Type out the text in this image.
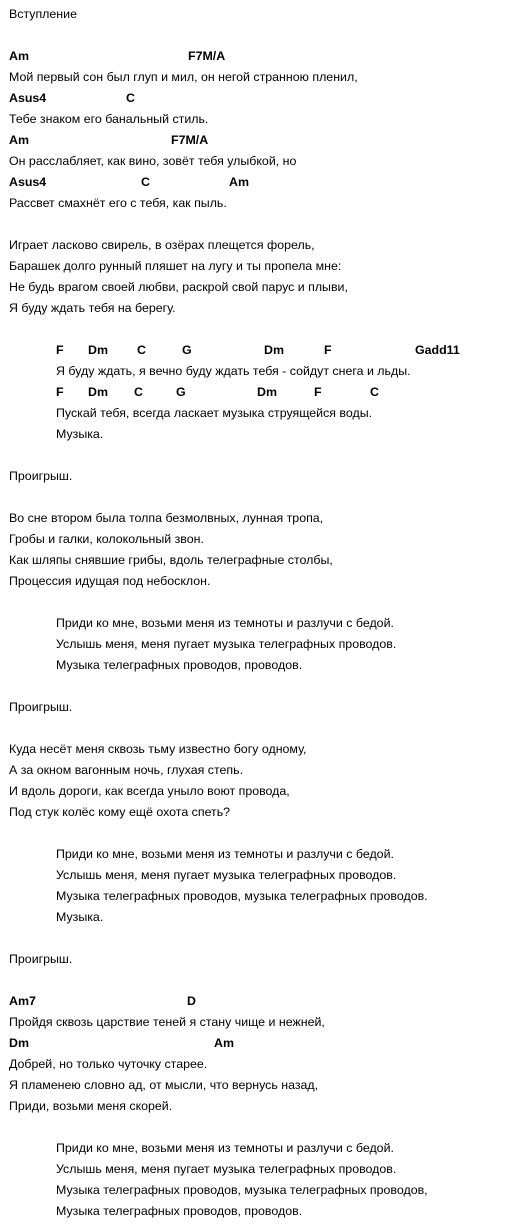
Вступление
Am	F7M/A
Мой первый сон был глуп и мил, он негой странною пленил,
Asus4	C
Тебе знаком его банальный стиль.
Am	F7M/A
Он расслабляет, как вино, зовёт тебя улыбкой, но
Asus4	C	Am
Рассвет смахнёт его с тебя, как пыль.
Играет ласково свирель, в озёрах плещется форель,
Барашек долго рунный пляшет на лугу и ты пропела мне:
Не будь врагом своей любви, раскрой свой парус и плыви,
Я буду ждать тебя на берегу.
F Dm C	G	Dm	F	Gadd11
Я буду ждать, я вечно буду ждать тебя - сойдут снега и льды.
F Dm C	G	Dm	F	C
Пускай тебя, всегда ласкает музыка струящейся воды.
Музыка.
Проигрыш.
Во сне втором была толпа безмолвных, лунная тропа,
Гробы и галки, колокольный звон.
Как шляпы снявшие грибы, вдоль телеграфные столбы,
Процессия идущая под небосклон.
Приди ко мне, возьми меня из темноты и разлучи с бедой.
Услышь меня, меня пугает музыка телеграфных проводов.
Музыка телеграфных проводов, проводов.
Проигрыш.
Куда несёт меня сквозь тьму известно богу одному,
А за окном вагонным ночь, глухая степь.
И вдоль дороги, как всегда уныло воют провода,
Под стук колёс кому ещё охота спеть?
Приди ко мне, возьми меня из темноты и разлучи с бедой.
Услышь меня, меня пугает музыка телеграфных проводов.
Музыка телеграфных проводов, музыка телеграфных проводов.
Музыка.
Проигрыш.
Am7	D
Пройдя сквозь царствие теней я стану чище и нежней,
Dm	Am
Добрей, но только чуточку старее.
Я пламенею словно ад, от мысли, что вернусь назад,
Приди, возьми меня скорей.
Приди ко мне, возьми меня из темноты и разлучи с бедой.
Услышь меня, меня пугает музыка телеграфных проводов.
Музыка телеграфных проводов, музыка телеграфных проводов,
Музыка телеграфных проводов, проводов.
